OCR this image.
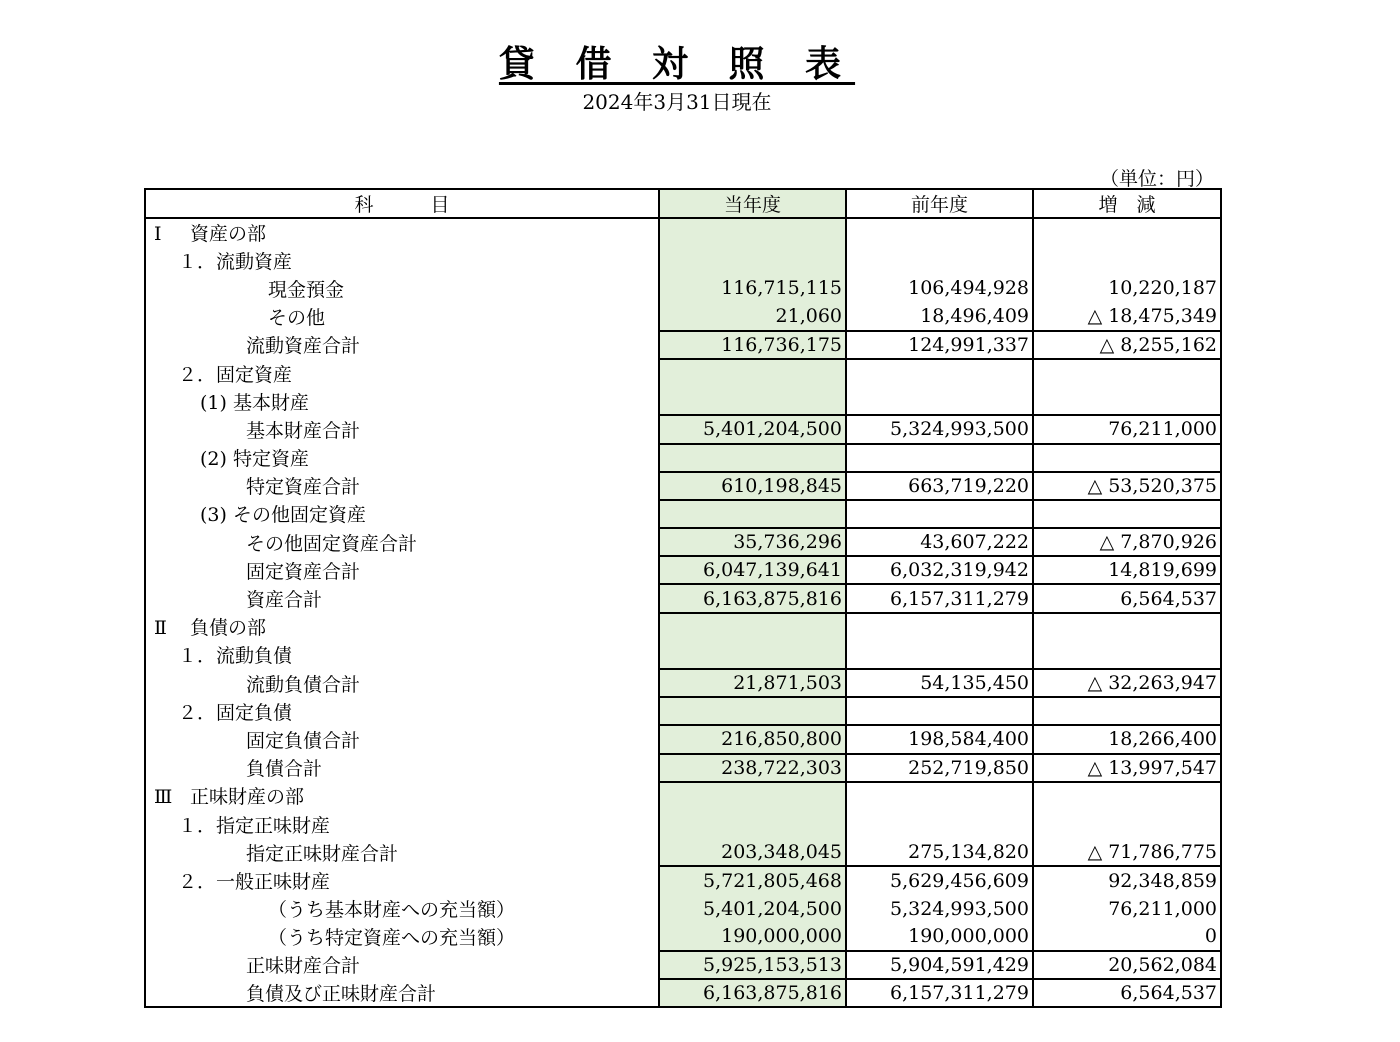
貸 借 対 照 表
2024年3月31日現在
（単位：円）
科　　　目	当年度	前年度	増　減
Ⅰ 資産の部			
１．流動資産			
現金預金	116,715,115	106,494,928	10,220,187
その他	21,060	18,496,409	△ 18,475,349
流動資産合計	116,736,175	124,991,337	△ 8,255,162
２．固定資産			
(1) 基本財産			
基本財産合計	5,401,204,500	5,324,993,500	76,211,000
(2) 特定資産			
特定資産合計	610,198,845	663,719,220	△ 53,520,375
(3) その他固定資産			
その他固定資産合計	35,736,296	43,607,222	△ 7,870,926
固定資産合計	6,047,139,641	6,032,319,942	14,819,699
資産合計	6,163,875,816	6,157,311,279	6,564,537
Ⅱ 負債の部			
１．流動負債			
流動負債合計	21,871,503	54,135,450	△ 32,263,947
２．固定負債			
固定負債合計	216,850,800	198,584,400	18,266,400
負債合計	238,722,303	252,719,850	△ 13,997,547
Ⅲ 正味財産の部			
１．指定正味財産			
指定正味財産合計	203,348,045	275,134,820	△ 71,786,775
２．一般正味財産	5,721,805,468	5,629,456,609	92,348,859
（うち基本財産への充当額）	5,401,204,500	5,324,993,500	76,211,000
（うち特定資産への充当額）	190,000,000	190,000,000	0
正味財産合計	5,925,153,513	5,904,591,429	20,562,084
負債及び正味財産合計	6,163,875,816	6,157,311,279	6,564,537
